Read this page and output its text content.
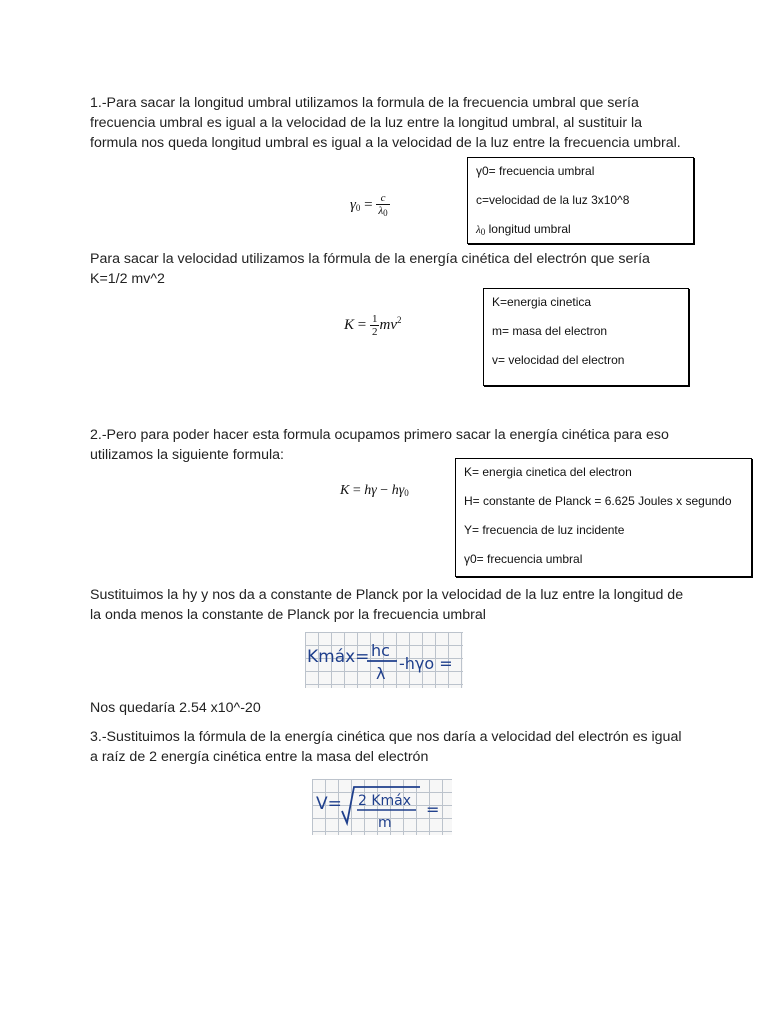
1.-Para sacar la longitud umbral utilizamos la formula de la frecuencia umbral que sería frecuencia umbral es igual a la velocidad de la luz entre la longitud umbral, al sustituir la formula nos queda longitud umbral es igual a la velocidad de la luz entre la frecuencia umbral.

$\gamma_0 = \frac{c}{\lambda_0}$
γ0= frecuencia umbral
c=velocidad de la luz 3x10^8
$\lambda_0$ longitud umbral

Para sacar la velocidad utilizamos la fórmula de la energía cinética del electrón que sería K=1/2 mv^2

$K = \frac{1}{2} mv^2$
K=energia cinetica
m= masa del electron
v= velocidad del electron

2.-Pero para poder hacer esta formula ocupamos primero sacar la energía cinética para eso utilizamos la siguiente formula:

$K = h\gamma - h\gamma_0$
K= energia cinetica del electron
H= constante de Planck = 6.625 Joules x segundo
Y= frecuencia de luz incidente
γ0= frecuencia umbral

Sustituimos la hy y nos da a constante de Planck por la velocidad de la luz entre la longitud de la onda menos la constante de Planck por la frecuencia umbral

Kmáx= hc
λ
-hγo =

Nos quedaría 2.54 x10^-20

3.-Sustituimos la fórmula de la energía cinética que nos daría a velocidad del electrón es igual a raíz de 2 energía cinética entre la masa del electrón

V= 2 Kmáx
m
=
